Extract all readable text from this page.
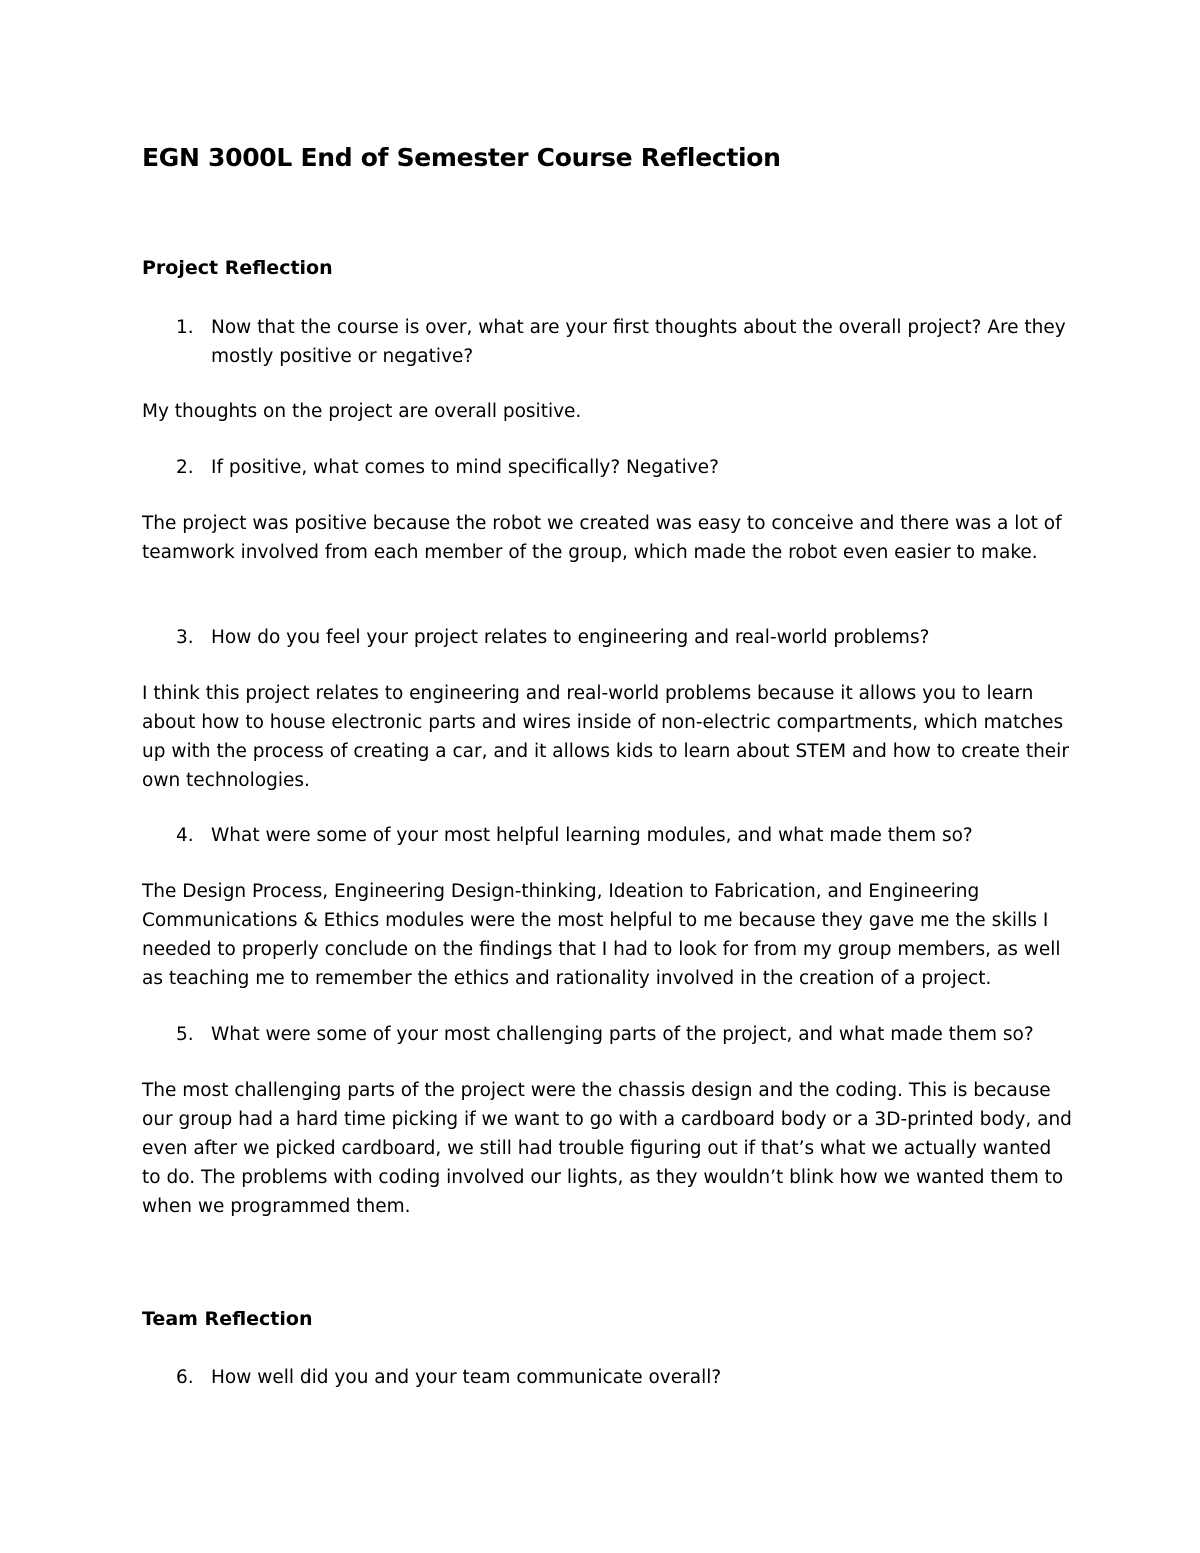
EGN 3000L End of Semester Course Reflection
Project Reflection
1. Now that the course is over, what are your first thoughts about the overall project? Are they mostly positive or negative?
My thoughts on the project are overall positive.
2. If positive, what comes to mind specifically? Negative?
The project was positive because the robot we created was easy to conceive and there was a lot of teamwork involved from each member of the group, which made the robot even easier to make.
3. How do you feel your project relates to engineering and real-world problems?
I think this project relates to engineering and real-world problems because it allows you to learn about how to house electronic parts and wires inside of non-electric compartments, which matches up with the process of creating a car, and it allows kids to learn about STEM and how to create their own technologies.
4. What were some of your most helpful learning modules, and what made them so?
The Design Process, Engineering Design-thinking, Ideation to Fabrication, and Engineering Communications & Ethics modules were the most helpful to me because they gave me the skills I needed to properly conclude on the findings that I had to look for from my group members, as well as teaching me to remember the ethics and rationality involved in the creation of a project.
5. What were some of your most challenging parts of the project, and what made them so?
The most challenging parts of the project were the chassis design and the coding. This is because our group had a hard time picking if we want to go with a cardboard body or a 3D-printed body, and even after we picked cardboard, we still had trouble figuring out if that’s what we actually wanted to do. The problems with coding involved our lights, as they wouldn’t blink how we wanted them to when we programmed them.
Team Reflection
6. How well did you and your team communicate overall?
